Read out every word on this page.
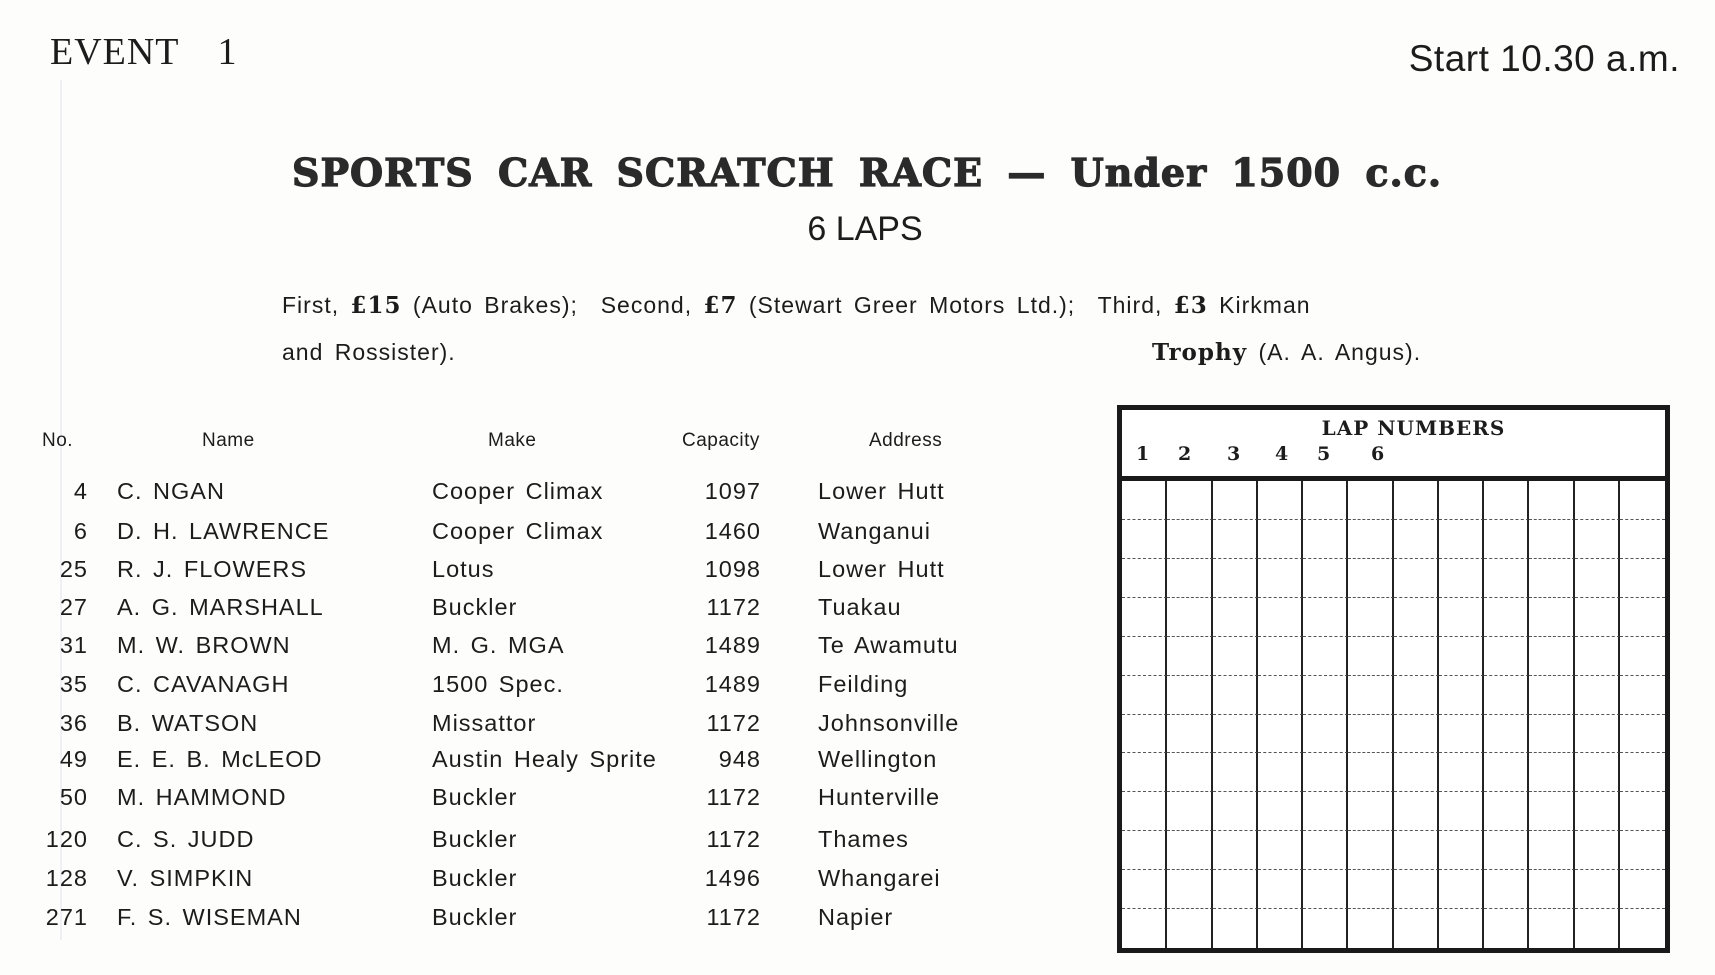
EVENT 1	Start 10.30 a.m.
SPORTS CAR SCRATCH RACE — Under 1500 c.c.
6 LAPS
First, £15 (Auto Brakes); Second, £7 (Stewart Greer Motors Ltd.); Third, £3 Kirkman
and Rossister).	Trophy (A. A. Angus).
No.	Name	Make	Capacity	Address
4 C. NGAN	Cooper Climax	1097 Lower Hutt
6 D. H. LAWRENCE	Cooper Climax	1460 Wanganui
25 R. J. FLOWERS	Lotus	1098 Lower Hutt
27 A. G. MARSHALL	Buckler	1172 Tuakau
31 M. W. BROWN	M. G. MGA	1489 Te Awamutu
35 C. CAVANAGH	1500 Spec.	1489 Feilding
36 B. WATSON	Missattor	1172 Johnsonville
49 E. E. B. McLEOD	Austin Healy Sprite	948 Wellington
50 M. HAMMOND	Buckler	1172 Hunterville
120 C. S. JUDD	Buckler	1172 Thames
128 V. SIMPKIN	Buckler	1496 Whangarei
271 F. S. WISEMAN	Buckler	1172 Napier
LAP NUMBERS
1 2 3 4 5 6
